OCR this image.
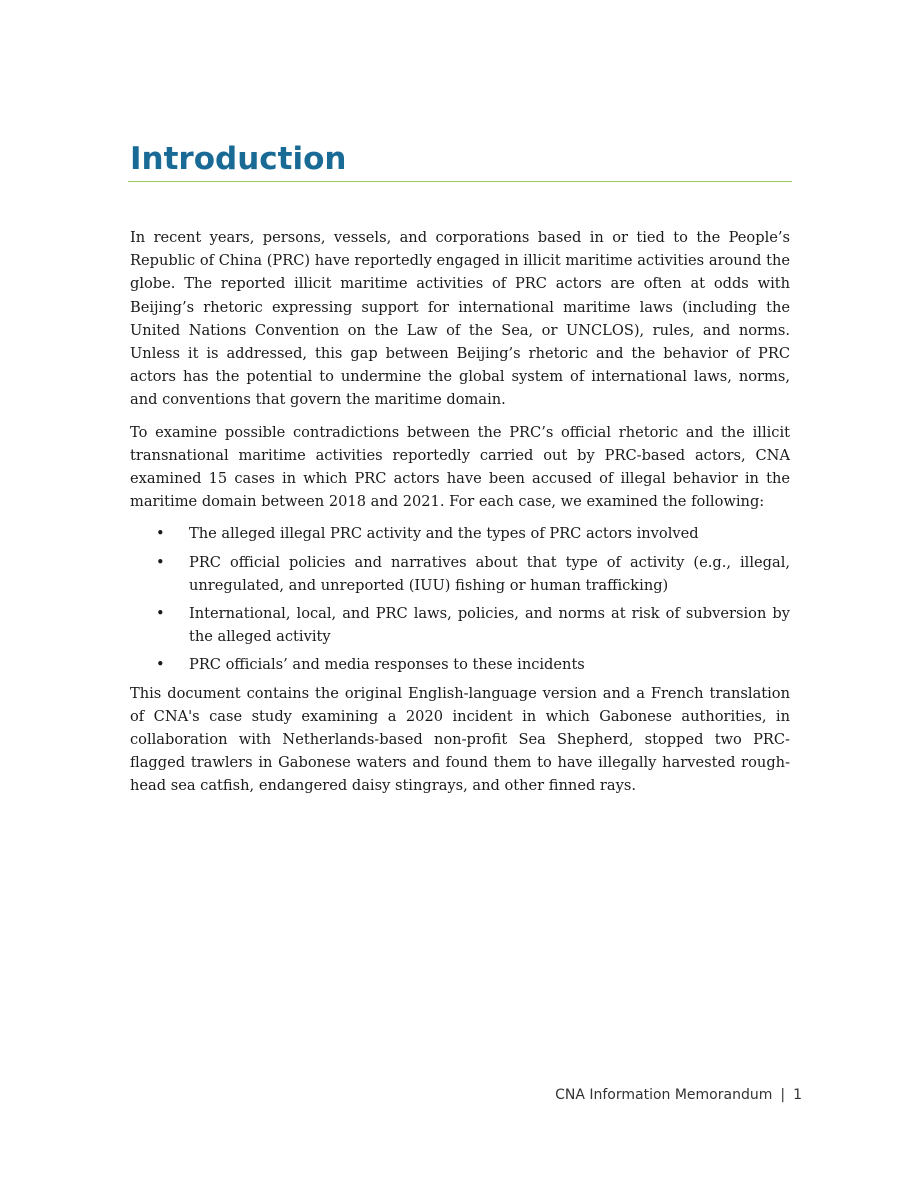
Introduction

In recent years, persons, vessels, and corporations based in or tied to the People’s Republic of China (PRC) have reportedly engaged in illicit maritime activities around the globe. The reported illicit maritime activities of PRC actors are often at odds with Beijing’s rhetoric expressing support for international maritime laws (including the United Nations Convention on the Law of the Sea, or UNCLOS), rules, and norms. Unless it is addressed, this gap between Beijing’s rhetoric and the behavior of PRC actors has the potential to undermine the global system of international laws, norms, and conventions that govern the maritime domain.

To examine possible contradictions between the PRC’s official rhetoric and the illicit transnational maritime activities reportedly carried out by PRC-based actors, CNA examined 15 cases in which PRC actors have been accused of illegal behavior in the maritime domain between 2018 and 2021. For each case, we examined the following:

• The alleged illegal PRC activity and the types of PRC actors involved
• PRC official policies and narratives about that type of activity (e.g., illegal, unregulated, and unreported (IUU) fishing or human trafficking)
• International, local, and PRC laws, policies, and norms at risk of subversion by the alleged activity
• PRC officials’ and media responses to these incidents

This document contains the original English-language version and a French translation of CNA's case study examining a 2020 incident in which Gabonese authorities, in collaboration with Netherlands-based non-profit Sea Shepherd, stopped two PRC-flagged trawlers in Gabonese waters and found them to have illegally harvested rough-head sea catfish, endangered daisy stingrays, and other finned rays.

CNA Information Memorandum | 1
